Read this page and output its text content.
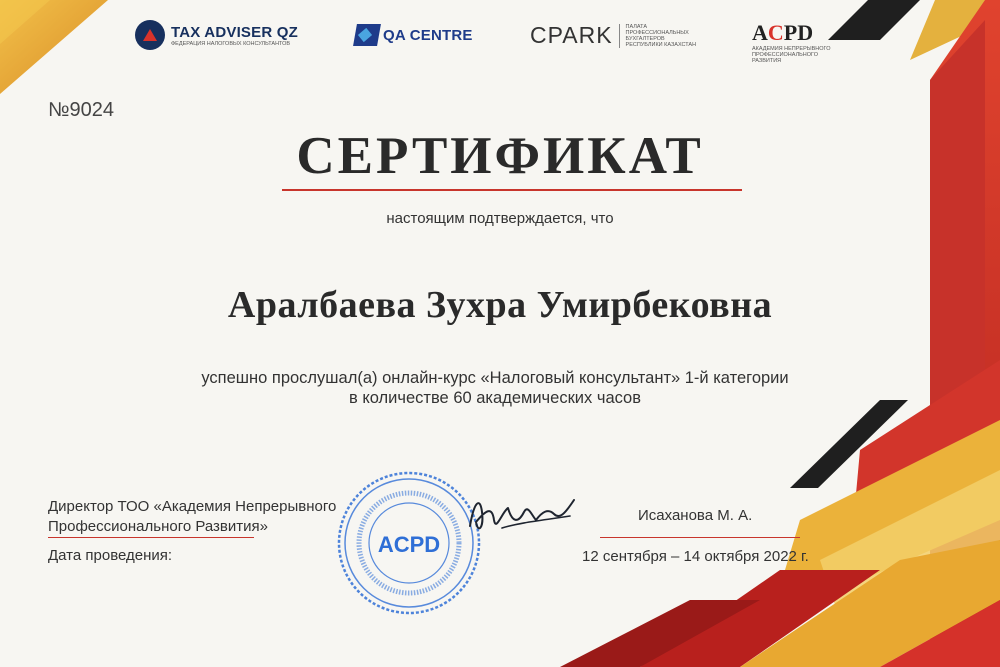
TAX ADVISER QZ
ФЕДЕРАЦИЯ НАЛОГОВЫХ КОНСУЛЬТАНТОВ	QA CENTRE CPARK ПАЛАТА ПРОФЕССИОНАЛЬНЫХ БУХГАЛТЕРОВ РЕСПУБЛИКИ КАЗАХСТАН	ACPD
АКАДЕМИЯ НЕПРЕРЫВНОГО ПРОФЕССИОНАЛЬНОГО РАЗВИТИЯ
№9024
СЕРТИФИКАТ
настоящим подтверждается, что
Аралбаева Зухра Умирбековна
успешно прослушал(а) онлайн-курс «Налоговый консультант» 1-й категории
в количестве 60 академических часов
Директор ТОО «Академия Непрерывного
Профессионального Развития»
Дата проведения:
Исаханова М. А.
12 сентября – 14 октября 2022 г.
ACPD
